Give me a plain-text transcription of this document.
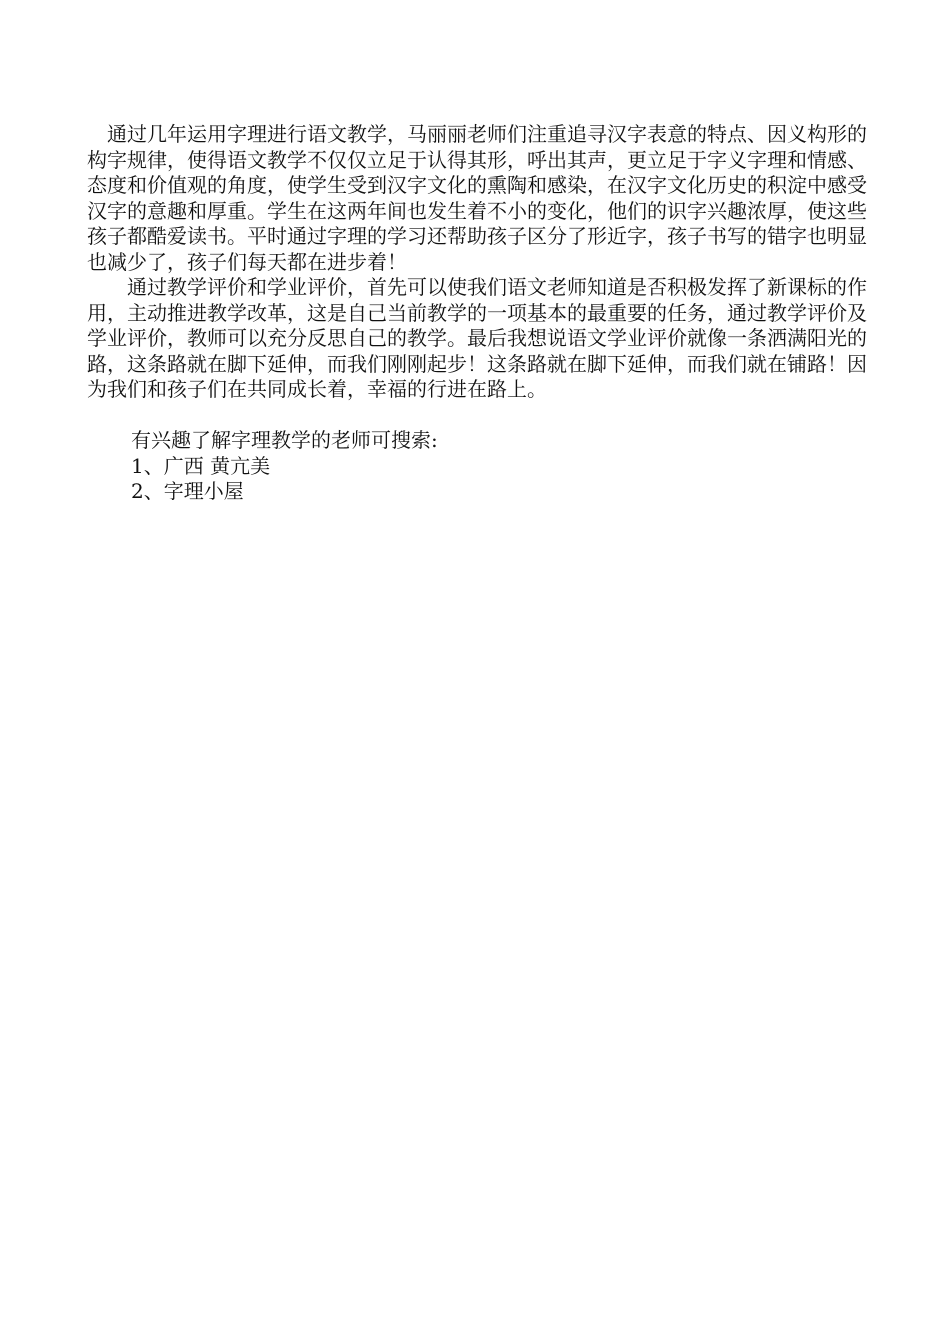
通过几年运用字理进行语文教学，马丽丽老师们注重追寻汉字表意的特点、因义构形的构字规律，使得语文教学不仅仅立足于认得其形，呼出其声，更立足于字义字理和情感、态度和价值观的角度，使学生受到汉字文化的熏陶和感染，在汉字文化历史的积淀中感受汉字的意趣和厚重。学生在这两年间也发生着不小的变化，他们的识字兴趣浓厚，使这些孩子都酷爱读书。平时通过字理的学习还帮助孩子区分了形近字，孩子书写的错字也明显也减少了，孩子们每天都在进步着！

通过教学评价和学业评价，首先可以使我们语文老师知道是否积极发挥了新课标的作用，主动推进教学改革，这是自己当前教学的一项基本的最重要的任务，通过教学评价及学业评价，教师可以充分反思自己的教学。最后我想说语文学业评价就像一条洒满阳光的路，这条路就在脚下延伸，而我们刚刚起步！这条路就在脚下延伸，而我们就在铺路！因为我们和孩子们在共同成长着，幸福的行进在路上。

有兴趣了解字理教学的老师可搜索:

1、广西 黄亢美

2、字理小屋
